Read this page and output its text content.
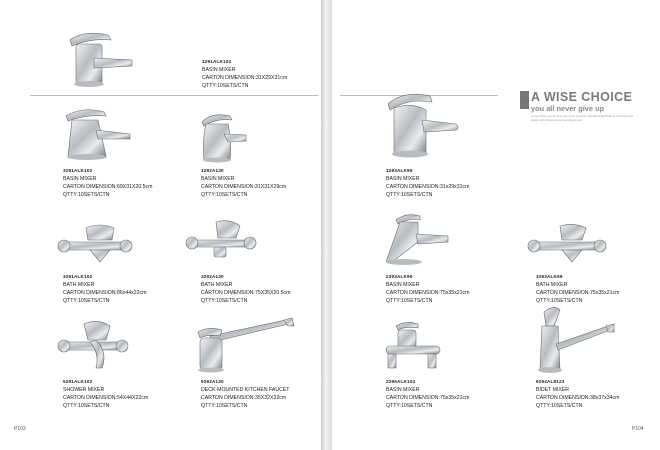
1291ALK102
BASIN MIXER
CARTON DIMENSION:31X29X31cm
QTTY:10SETS/CTN
3291ALK102
BASIN MIXER
CARTON DIMENSION:69X31X20.5cm
QTTY:10SETS/CTN
1292A130
BASIN MIXER
CARTON DIMENSION:31X31X29cm
QTTY:10SETS/CTN
3291ALK102
BATH MIXER
CARTON DIMENSION:86x44x22cm
QTTY:10SETS/CTN
3292A130
BATH MIXER
CARTON DIMENSION:75X35X20.5cm
QTTY:10SETS/CTN
5291ALK102
SHOWER MIXER
CARTON DIMENSION:54X44X22cm
QTTY:10SETS/CTN
9292A130
DECK-MOUNTED KITCHEN FAUCET
CARTON DIMENSION:35X32X32cm
QTTY:10SETS/CTN
P103
A WISE CHOICE
you all never give up
A wise choice you all never give up for excellent, and attend the details of your home and design with refined textures and shapes ever.
1293ALK99
BASIN MIXER
CARTON DIMENSION:31x29x31cm
QTTY:10SETS/CTN
2393ALK99
BASIN MIXER
CARTON DIMENSION:75x35x21cm
QTTY:10SETS/CTN
3293ALK99
BATH MIXER
CARTON DIMENSION:75x35x21cm
QTTY:10SETS/CTN
2295ALK103
BASIN MIXER
CARTON DIMENSION:75x35x21cm
QTTY:10SETS/CTN
9294AL8123
BIDET MIXER
CARTON DIMENSION:38x37x34cm
QTTY:10SETS/CTN
P104
